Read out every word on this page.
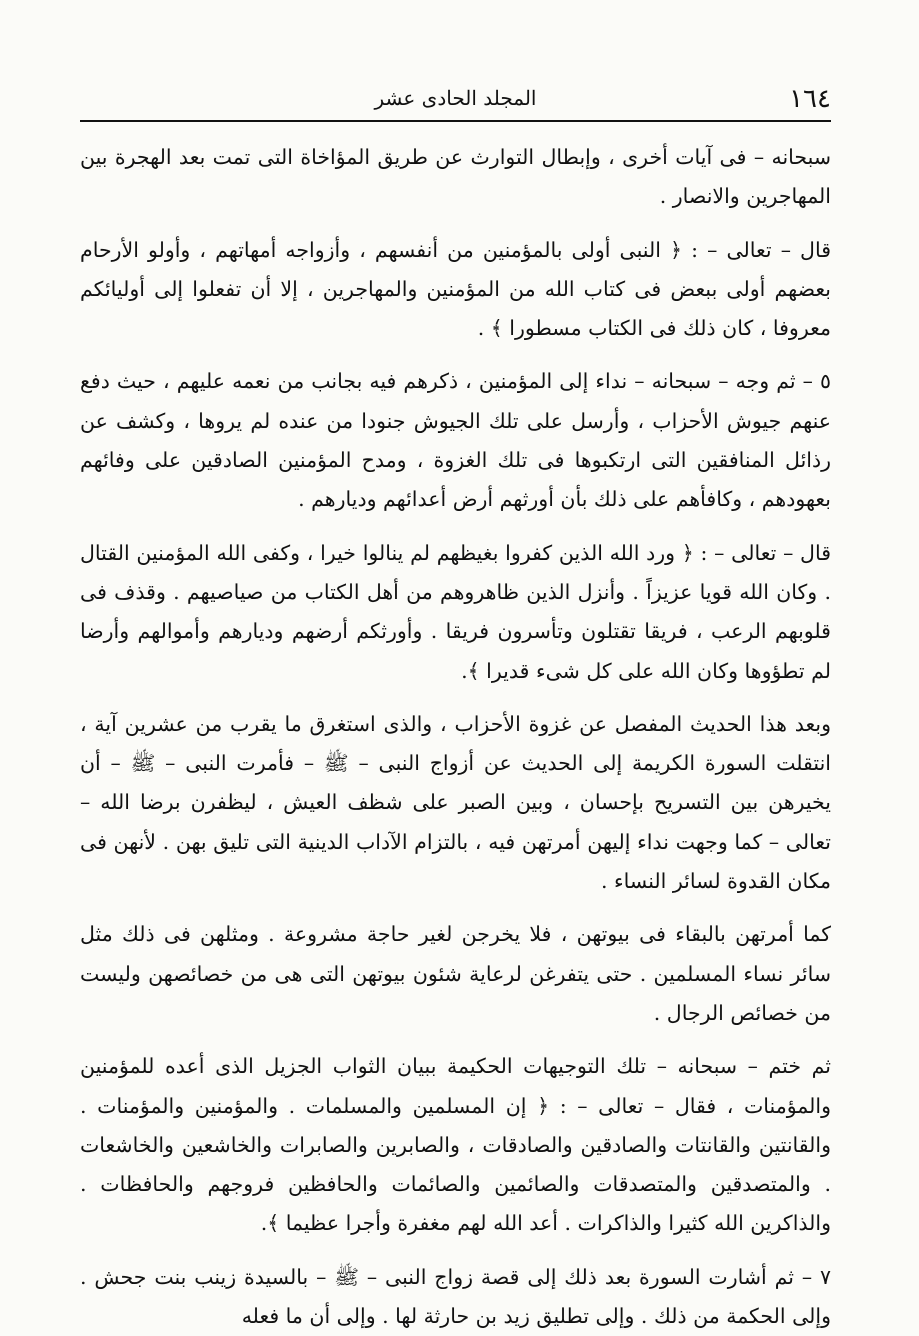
١٦٤
المجلد الحادى عشر

سبحانه – فى آيات أخرى ، وإبطال التوارث عن طريق المؤاخاة التى تمت بعد الهجرة بين المهاجرين والانصار .

قال – تعالى – : ﴿ النبى أولى بالمؤمنين من أنفسهم ، وأزواجه أمهاتهم ، وأولو الأرحام بعضهم أولى ببعض فى كتاب الله من المؤمنين والمهاجرين ، إلا أن تفعلوا إلى أوليائكم معروفا ، كان ذلك فى الكتاب مسطورا ﴾ .

٥ – ثم وجه – سبحانه – نداء إلى المؤمنين ، ذكرهم فيه بجانب من نعمه عليهم ، حيث دفع عنهم جيوش الأحزاب ، وأرسل على تلك الجيوش جنودا من عنده لم يروها ، وكشف عن رذائل المنافقين التى ارتكبوها فى تلك الغزوة ، ومدح المؤمنين الصادقين على وفائهم بعهودهم ، وكافأهم على ذلك بأن أورثهم أرض أعدائهم وديارهم .

قال – تعالى – : ﴿ ورد الله الذين كفروا بغيظهم لم ينالوا خيرا ، وكفى الله المؤمنين القتال . وكان الله قويا عزيزاً . وأنزل الذين ظاهروهم من أهل الكتاب من صياصيهم . وقذف فى قلوبهم الرعب ، فريقا تقتلون وتأسرون فريقا . وأورثكم أرضهم وديارهم وأموالهم وأرضا لم تطؤوها وكان الله على كل شىء قديرا ﴾.

وبعد هذا الحديث المفصل عن غزوة الأحزاب ، والذى استغرق ما يقرب من عشرين آية ، انتقلت السورة الكريمة إلى الحديث عن أزواج النبى – ﷺ – فأمرت النبى – ﷺ – أن يخيرهن بين التسريح بإحسان ، وبين الصبر على شظف العيش ، ليظفرن برضا الله – تعالى – كما وجهت نداء إليهن أمرتهن فيه ، بالتزام الآداب الدينية التى تليق بهن . لأنهن فى مكان القدوة لسائر النساء .

كما أمرتهن بالبقاء فى بيوتهن ، فلا يخرجن لغير حاجة مشروعة . ومثلهن فى ذلك مثل سائر نساء المسلمين . حتى يتفرغن لرعاية شئون بيوتهن التى هى من خصائصهن وليست من خصائص الرجال .

ثم ختم – سبحانه – تلك التوجيهات الحكيمة ببيان الثواب الجزيل الذى أعده للمؤمنين والمؤمنات ، فقال – تعالى – : ﴿ إن المسلمين والمسلمات . والمؤمنين والمؤمنات . والقانتين والقانتات والصادقين والصادقات ، والصابرين والصابرات والخاشعين والخاشعات . والمتصدقين والمتصدقات والصائمين والصائمات والحافظين فروجهم والحافظات . والذاكرين الله كثيرا والذاكرات . أعد الله لهم مغفرة وأجرا عظيما ﴾.

٧ – ثم أشارت السورة بعد ذلك إلى قصة زواج النبى – ﷺ – بالسيدة زينب بنت جحش . وإلى الحكمة من ذلك . وإلى تطليق زيد بن حارثة لها . وإلى أن ما فعله
